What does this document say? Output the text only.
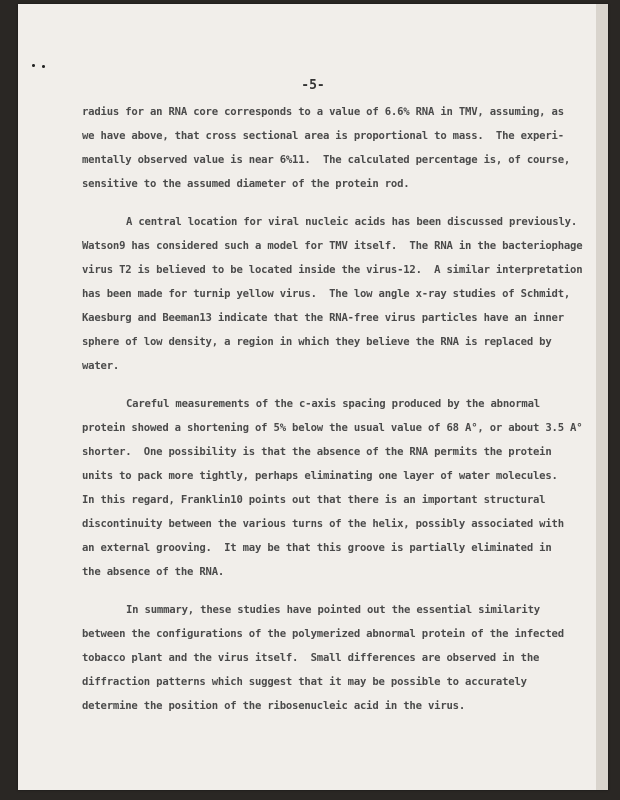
-5-
radius for an RNA core corresponds to a value of 6.6% RNA in TMV, assuming, as
we have above, that cross sectional area is proportional to mass.  The experi-
mentally observed value is near 6%11.  The calculated percentage is, of course,
sensitive to the assumed diameter of the protein rod.
A central location for viral nucleic acids has been discussed previously.
Watson9 has considered such a model for TMV itself.  The RNA in the bacteriophage
virus T2 is believed to be located inside the virus-12.  A similar interpretation
has been made for turnip yellow virus.  The low angle x-ray studies of Schmidt,
Kaesburg and Beeman13 indicate that the RNA-free virus particles have an inner
sphere of low density, a region in which they believe the RNA is replaced by
water.
Careful measurements of the c-axis spacing produced by the abnormal
protein showed a shortening of 5% below the usual value of 68 A°, or about 3.5 A°
shorter.  One possibility is that the absence of the RNA permits the protein
units to pack more tightly, perhaps eliminating one layer of water molecules.
In this regard, Franklin10 points out that there is an important structural
discontinuity between the various turns of the helix, possibly associated with
an external grooving.  It may be that this groove is partially eliminated in
the absence of the RNA.
In summary, these studies have pointed out the essential similarity
between the configurations of the polymerized abnormal protein of the infected
tobacco plant and the virus itself.  Small differences are observed in the
diffraction patterns which suggest that it may be possible to accurately
determine the position of the ribosenucleic acid in the virus.
